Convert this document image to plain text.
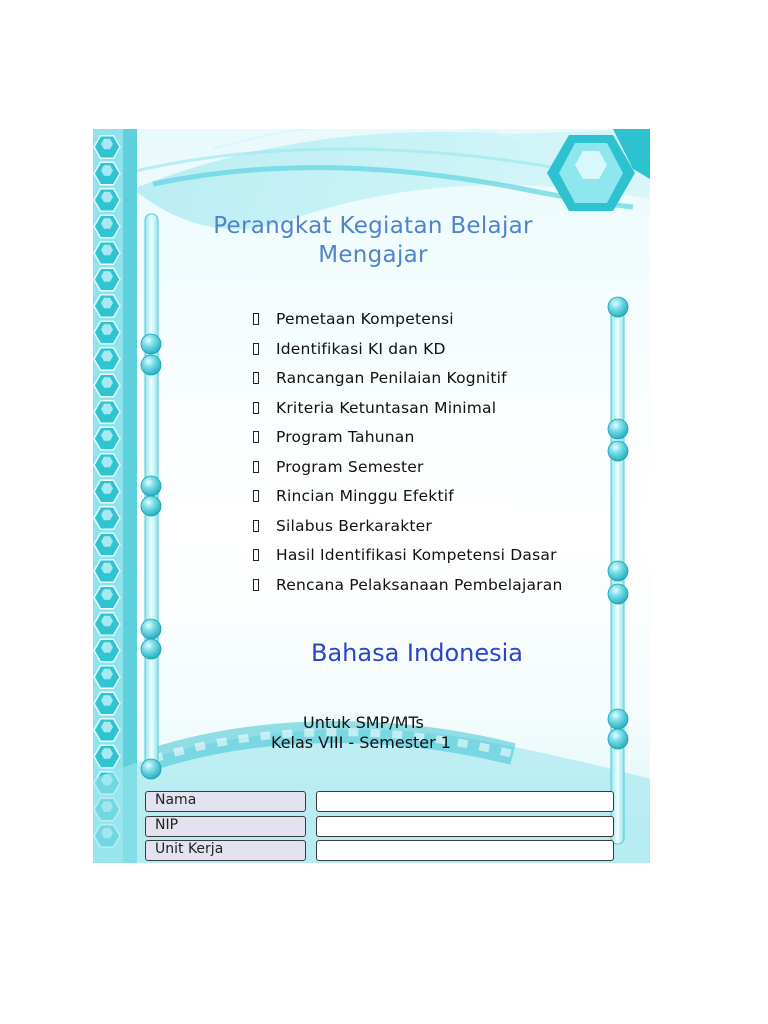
Perangkat Kegiatan Belajar
Mengajar
Pemetaan Kompetensi
Identifikasi KI dan KD
Rancangan Penilaian Kognitif
Kriteria Ketuntasan Minimal
Program Tahunan
Program Semester
Rincian Minggu Efektif
Silabus Berkarakter
Hasil Identifikasi Kompetensi Dasar
Rencana Pelaksanaan Pembelajaran
Bahasa Indonesia
Untuk SMP/MTs
Kelas VIII - Semester 1
Nama
NIP
Unit Kerja
